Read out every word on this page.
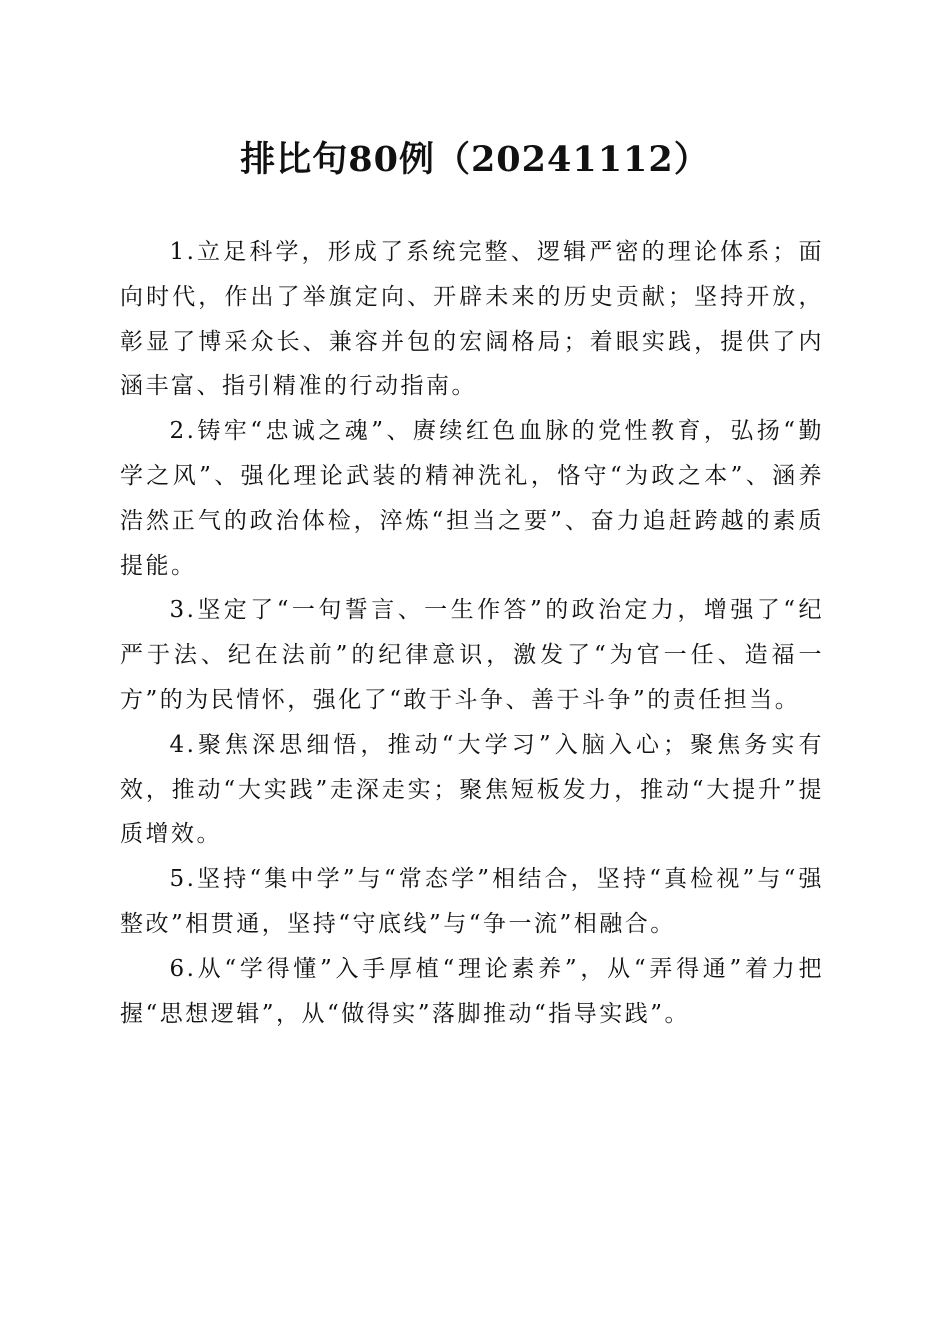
排比句80例（20241112）

1.立足科学，形成了系统完整、逻辑严密的理论体系；面向时代，作出了举旗定向、开辟未来的历史贡献；坚持开放，彰显了博采众长、兼容并包的宏阔格局；着眼实践，提供了内涵丰富、指引精准的行动指南。

2.铸牢“忠诚之魂”、赓续红色血脉的党性教育，弘扬“勤学之风”、强化理论武装的精神洗礼，恪守“为政之本”、涵养浩然正气的政治体检，淬炼“担当之要”、奋力追赶跨越的素质提能。

3.坚定了“一句誓言、一生作答”的政治定力，增强了“纪严于法、纪在法前”的纪律意识，激发了“为官一任、造福一方”的为民情怀，强化了“敢于斗争、善于斗争”的责任担当。

4.聚焦深思细悟，推动“大学习”入脑入心；聚焦务实有效，推动“大实践”走深走实；聚焦短板发力，推动“大提升”提质增效。

5.坚持“集中学”与“常态学”相结合，坚持“真检视”与“强整改”相贯通，坚持“守底线”与“争一流”相融合。

6.从“学得懂”入手厚植“理论素养”，从“弄得通”着力把握“思想逻辑”，从“做得实”落脚推动“指导实践”。
